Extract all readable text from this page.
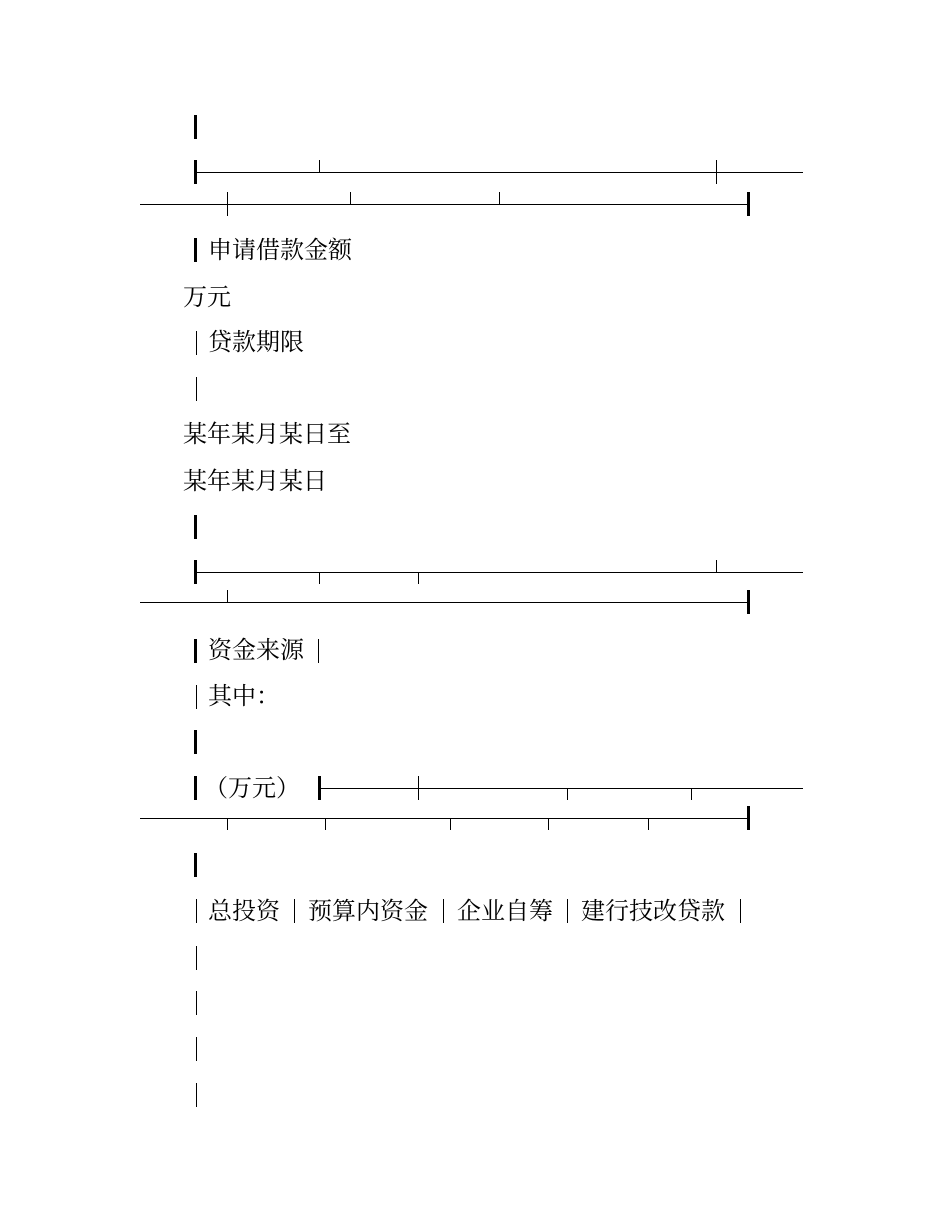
申请借款金额
万元
贷款期限
某年某月某日至
某年某月某日
资金来源
其中：
（万元）
总投资 预算内资金 企业自筹 建行技改贷款
